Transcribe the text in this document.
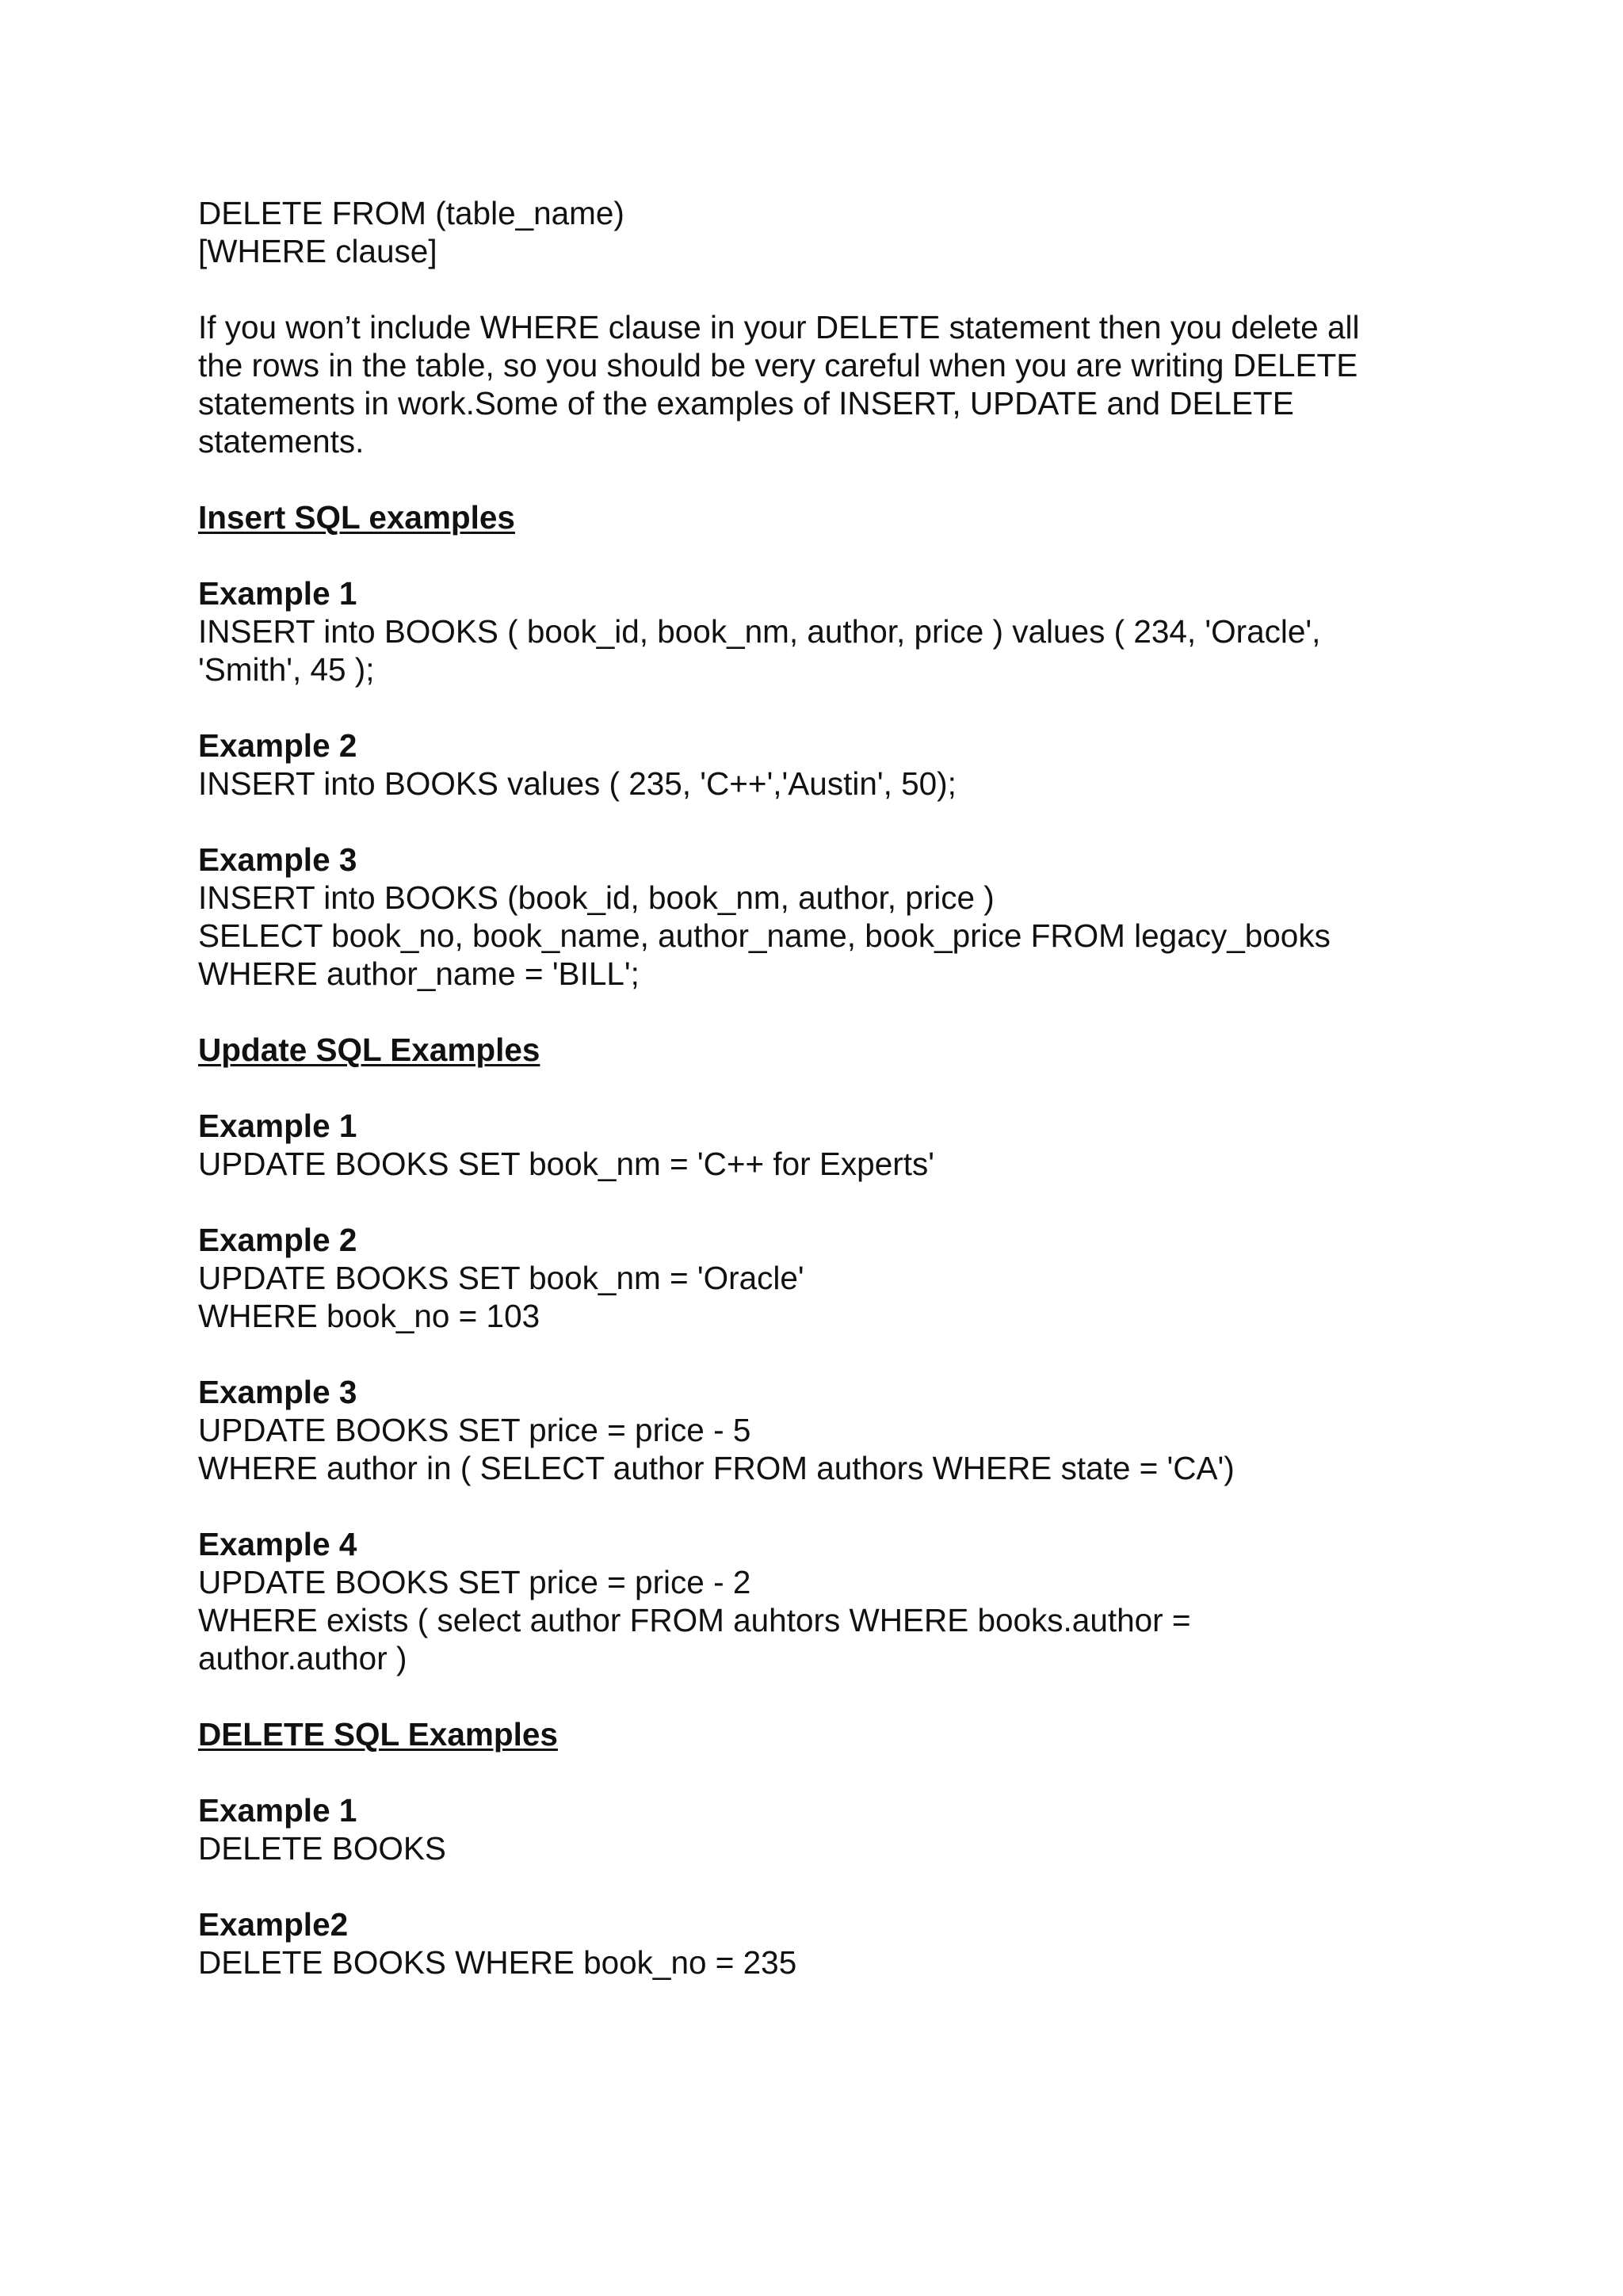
DELETE FROM (table_name)
[WHERE clause]
If you won’t include WHERE clause in your DELETE statement then you delete all
the rows in the table, so you should be very careful when you are writing DELETE
statements in work.Some of the examples of INSERT, UPDATE and DELETE
statements.
Insert SQL examples
Example 1
INSERT into BOOKS ( book_id, book_nm, author, price ) values ( 234, 'Oracle',
'Smith', 45 );
Example 2
INSERT into BOOKS values ( 235, 'C++','Austin', 50);
Example 3
INSERT into BOOKS (book_id, book_nm, author, price )
SELECT book_no, book_name, author_name, book_price FROM legacy_books
WHERE author_name = 'BILL';
Update SQL Examples
Example 1
UPDATE BOOKS SET book_nm = 'C++ for Experts'
Example 2
UPDATE BOOKS SET book_nm = 'Oracle'
WHERE book_no = 103
Example 3
UPDATE BOOKS SET price = price - 5
WHERE author in ( SELECT author FROM authors WHERE state = 'CA')
Example 4
UPDATE BOOKS SET price = price - 2
WHERE exists ( select author FROM auhtors WHERE books.author =
author.author )
DELETE SQL Examples
Example 1
DELETE BOOKS
Example2
DELETE BOOKS WHERE book_no = 235
